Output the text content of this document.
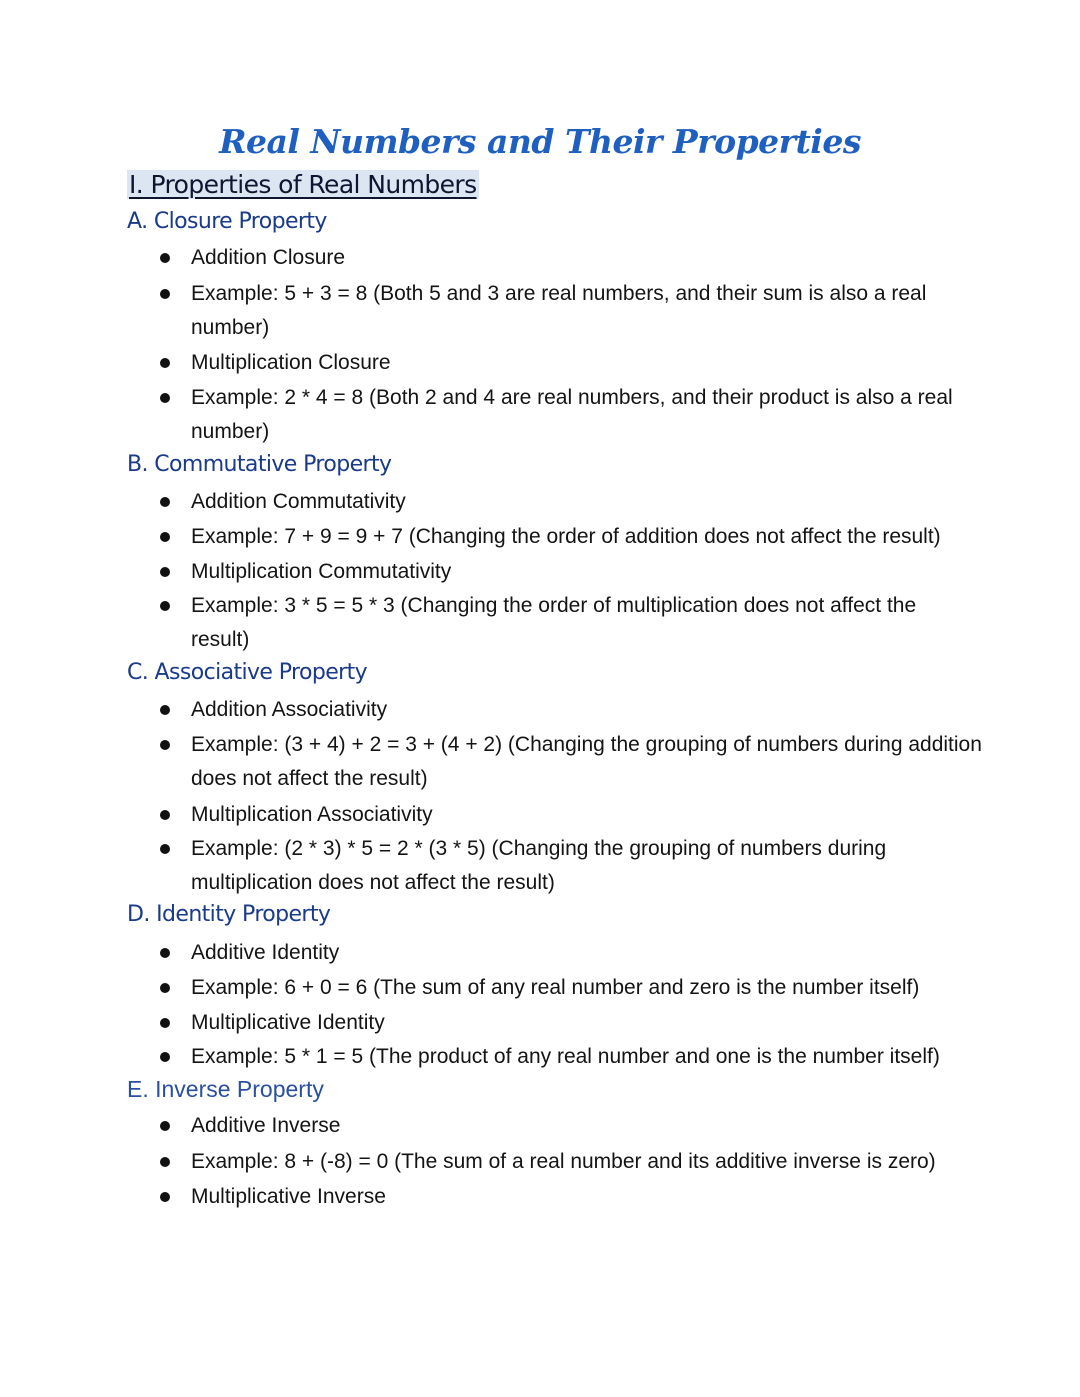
Real Numbers and Their Properties
I. Properties of Real Numbers
A. Closure Property
Addition Closure
Example: 5 + 3 = 8 (Both 5 and 3 are real numbers, and their sum is also a real
number)
Multiplication Closure
Example: 2 * 4 = 8 (Both 2 and 4 are real numbers, and their product is also a real
number)
B. Commutative Property
Addition Commutativity
Example: 7 + 9 = 9 + 7 (Changing the order of addition does not affect the result)
Multiplication Commutativity
Example: 3 * 5 = 5 * 3 (Changing the order of multiplication does not affect the
result)
C. Associative Property
Addition Associativity
Example: (3 + 4) + 2 = 3 + (4 + 2) (Changing the grouping of numbers during addition
does not affect the result)
Multiplication Associativity
Example: (2 * 3) * 5 = 2 * (3 * 5) (Changing the grouping of numbers during
multiplication does not affect the result)
D. Identity Property
Additive Identity
Example: 6 + 0 = 6 (The sum of any real number and zero is the number itself)
Multiplicative Identity
Example: 5 * 1 = 5 (The product of any real number and one is the number itself)
E. Inverse Property
Additive Inverse
Example: 8 + (-8) = 0 (The sum of a real number and its additive inverse is zero)
Multiplicative Inverse
